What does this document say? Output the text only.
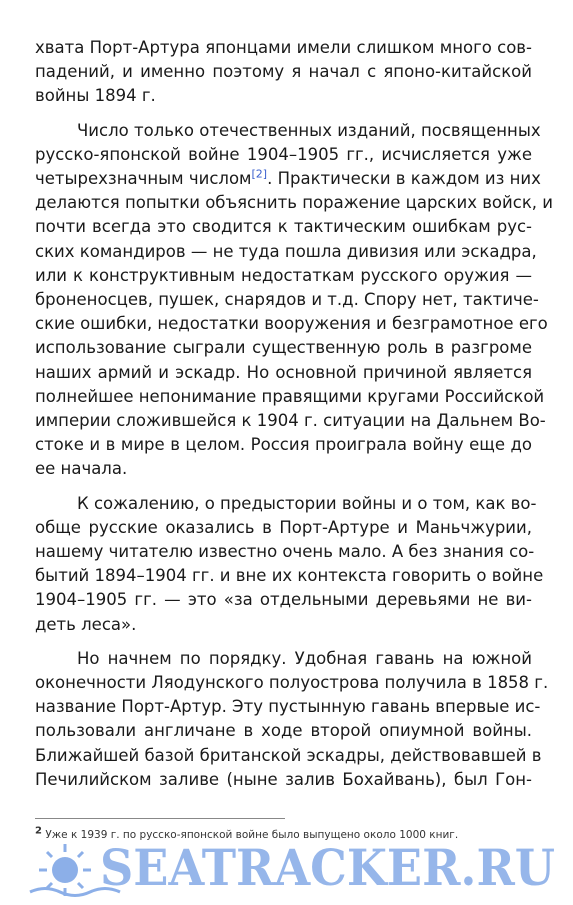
хвата Порт-Артура японцами имели слишком много сов-
падений, и именно поэтому я начал с японо-китайской
войны 1894 г.
Число только отечественных изданий, посвященных
русско-японской войне 1904–1905 гг., исчисляется уже
четырехзначным числом[2]. Практически в каждом из них
делаются попытки объяснить поражение царских войск, и
почти всегда это сводится к тактическим ошибкам рус-
ских командиров — не туда пошла дивизия или эскадра,
или к конструктивным недостаткам русского оружия —
броненосцев, пушек, снарядов и т.д. Спору нет, тактиче-
ские ошибки, недостатки вооружения и безграмотное его
использование сыграли существенную роль в разгроме
наших армий и эскадр. Но основной причиной является
полнейшее непонимание правящими кругами Российской
империи сложившейся к 1904 г. ситуации на Дальнем Во-
стоке и в мире в целом. Россия проиграла войну еще до
ее начала.
К сожалению, о предыстории войны и о том, как во-
обще русские оказались в Порт-Артуре и Маньчжурии,
нашему читателю известно очень мало. А без знания со-
бытий 1894–1904 гг. и вне их контекста говорить о войне
1904–1905 гг. — это «за отдельными деревьями не ви-
деть леса».
Но начнем по порядку. Удобная гавань на южной
оконечности Ляодунского полуострова получила в 1858 г.
название Порт-Артур. Эту пустынную гавань впервые ис-
пользовали англичане в ходе второй опиумной войны.
Ближайшей базой британской эскадры, действовавшей в
Печилийском заливе (ныне залив Бохайвань), был Гон-
2 Уже к 1939 г. по русско-японской войне было выпущено около 1000 книг.
SEATRACKER.RU
